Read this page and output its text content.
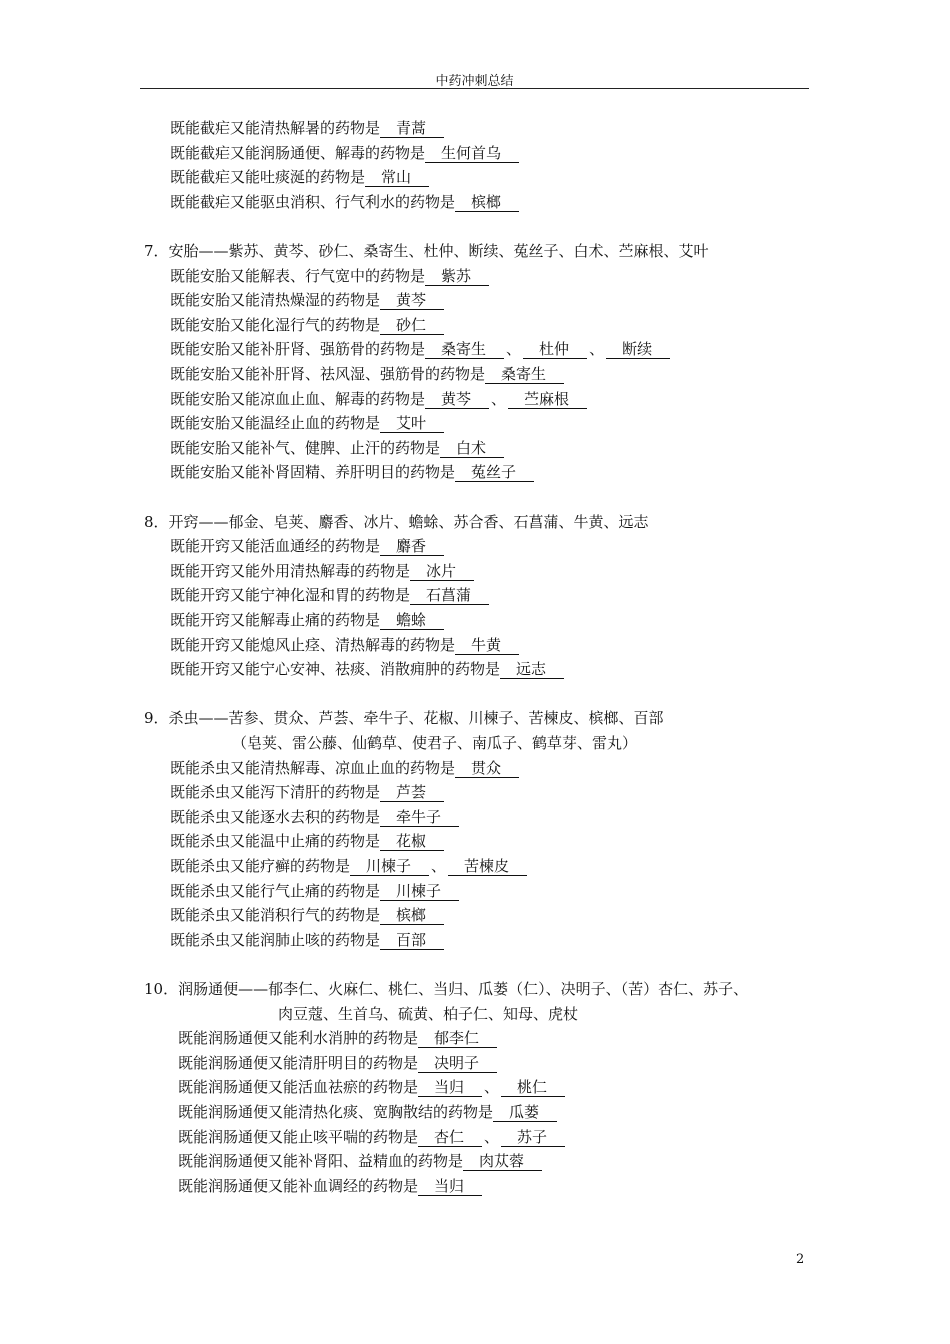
中药冲刺总结
既能截疟又能清热解暑的药物是 青蒿
既能截疟又能润肠通便、解毒的药物是 生何首乌
既能截疟又能吐痰涎的药物是 常山
既能截疟又能驱虫消积、行气利水的药物是 槟榔
7．安胎——紫苏、黄芩、砂仁、桑寄生、杜仲、断续、菟丝子、白术、苎麻根、艾叶
既能安胎又能解表、行气宽中的药物是 紫苏
既能安胎又能清热燥湿的药物是 黄芩
既能安胎又能化湿行气的药物是 砂仁
既能安胎又能补肝肾、强筋骨的药物是 桑寄生 、 杜仲 、 断续
既能安胎又能补肝肾、祛风湿、强筋骨的药物是 桑寄生
既能安胎又能凉血止血、解毒的药物是 黄芩 、 苎麻根
既能安胎又能温经止血的药物是 艾叶
既能安胎又能补气、健脾、止汗的药物是 白术
既能安胎又能补肾固精、养肝明目的药物是 菟丝子
8．开窍——郁金、皂荚、麝香、冰片、蟾蜍、苏合香、石菖蒲、牛黄、远志
既能开窍又能活血通经的药物是 麝香
既能开窍又能外用清热解毒的药物是 冰片
既能开窍又能宁神化湿和胃的药物是 石菖蒲
既能开窍又能解毒止痛的药物是 蟾蜍
既能开窍又能熄风止痉、清热解毒的药物是 牛黄
既能开窍又能宁心安神、祛痰、消散痈肿的药物是 远志
9．杀虫——苦参、贯众、芦荟、牵牛子、花椒、川楝子、苦楝皮、槟榔、百部
（皂荚、雷公藤、仙鹤草、使君子、南瓜子、鹤草芽、雷丸）
既能杀虫又能清热解毒、凉血止血的药物是 贯众
既能杀虫又能泻下清肝的药物是 芦荟
既能杀虫又能逐水去积的药物是 牵牛子
既能杀虫又能温中止痛的药物是 花椒
既能杀虫又能疗癣的药物是 川楝子 、 苦楝皮
既能杀虫又能行气止痛的药物是 川楝子
既能杀虫又能消积行气的药物是 槟榔
既能杀虫又能润肺止咳的药物是 百部
10．润肠通便——郁李仁、火麻仁、桃仁、当归、瓜蒌（仁）、决明子、（苦）杏仁、苏子、
肉豆蔻、生首乌、硫黄、柏子仁、知母、虎杖
既能润肠通便又能利水消肿的药物是 郁李仁
既能润肠通便又能清肝明目的药物是 决明子
既能润肠通便又能活血祛瘀的药物是 当归 、 桃仁
既能润肠通便又能清热化痰、宽胸散结的药物是 瓜蒌
既能润肠通便又能止咳平喘的药物是 杏仁 、 苏子
既能润肠通便又能补肾阳、益精血的药物是 肉苁蓉
既能润肠通便又能补血调经的药物是 当归
2
